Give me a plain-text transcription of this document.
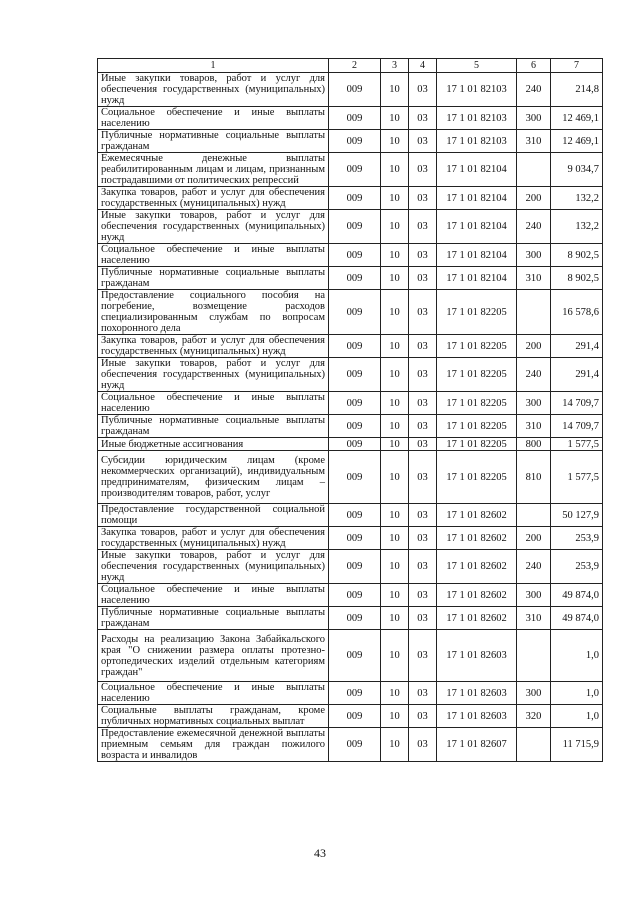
1	2	3	4	5	6	7
Иные закупки товаров, работ и услуг для обеспечения государственных (муниципальных) нужд	009	10	03	17 1 01 82103	240	214,8
Социальное обеспечение и иные выплаты населению	009	10	03	17 1 01 82103	300	12 469,1
Публичные нормативные социальные выплаты гражданам	009	10	03	17 1 01 82103	310	12 469,1
Ежемесячные денежные выплаты реабилитированным лицам и лицам, признанным пострадавшими от политических репрессий	009	10	03	17 1 01 82104		9 034,7
Закупка товаров, работ и услуг для обеспечения государственных (муниципальных) нужд	009	10	03	17 1 01 82104	200	132,2
Иные закупки товаров, работ и услуг для обеспечения государственных (муниципальных) нужд	009	10	03	17 1 01 82104	240	132,2
Социальное обеспечение и иные выплаты населению	009	10	03	17 1 01 82104	300	8 902,5
Публичные нормативные социальные выплаты гражданам	009	10	03	17 1 01 82104	310	8 902,5
Предоставление социального пособия на погребение, возмещение расходов специализированным службам по вопросам похоронного дела	009	10	03	17 1 01 82205		16 578,6
Закупка товаров, работ и услуг для обеспечения государственных (муниципальных) нужд	009	10	03	17 1 01 82205	200	291,4
Иные закупки товаров, работ и услуг для обеспечения государственных (муниципальных) нужд	009	10	03	17 1 01 82205	240	291,4
Социальное обеспечение и иные выплаты населению	009	10	03	17 1 01 82205	300	14 709,7
Публичные нормативные социальные выплаты гражданам	009	10	03	17 1 01 82205	310	14 709,7
Иные бюджетные ассигнования	009	10	03	17 1 01 82205	800	1 577,5
Субсидии юридическим лицам (кроме некоммерческих организаций), индивидуальным предпринимателям, физическим лицам – производителям товаров, работ, услуг	009	10	03	17 1 01 82205	810	1 577,5
Предоставление государственной социальной помощи	009	10	03	17 1 01 82602		50 127,9
Закупка товаров, работ и услуг для обеспечения государственных (муниципальных) нужд	009	10	03	17 1 01 82602	200	253,9
Иные закупки товаров, работ и услуг для обеспечения государственных (муниципальных) нужд	009	10	03	17 1 01 82602	240	253,9
Социальное обеспечение и иные выплаты населению	009	10	03	17 1 01 82602	300	49 874,0
Публичные нормативные социальные выплаты гражданам	009	10	03	17 1 01 82602	310	49 874,0
Расходы на реализацию Закона Забайкальского края "О снижении размера оплаты протезно-ортопедических изделий отдельным категориям граждан"	009	10	03	17 1 01 82603		1,0
Социальное обеспечение и иные выплаты населению	009	10	03	17 1 01 82603	300	1,0
Социальные выплаты гражданам, кроме публичных нормативных социальных выплат	009	10	03	17 1 01 82603	320	1,0
Предоставление ежемесячной денежной выплаты приемным семьям для граждан пожилого возраста и инвалидов	009	10	03	17 1 01 82607		11 715,9
43
